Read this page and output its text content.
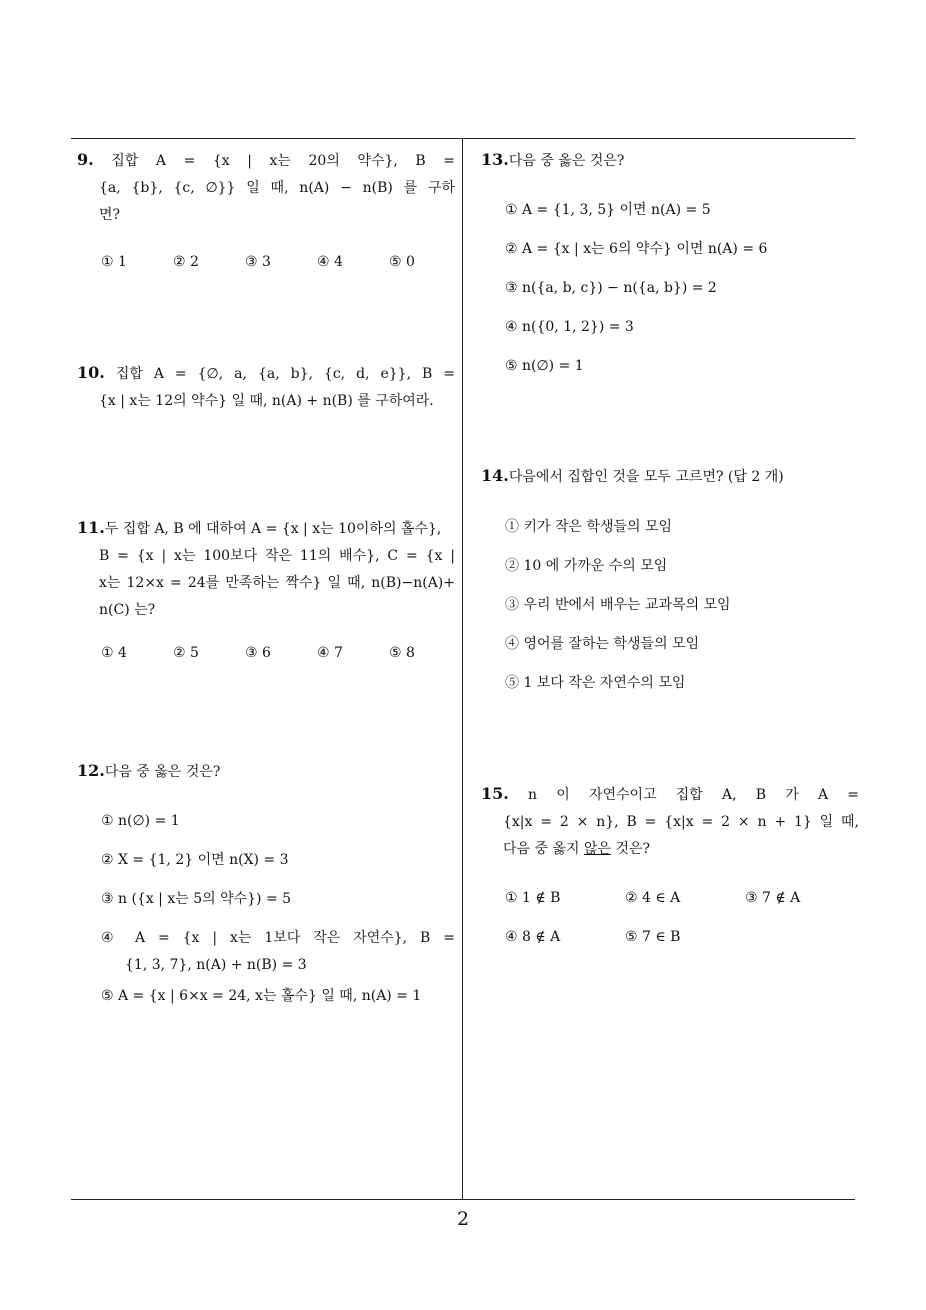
9. 집합 A = {x | x는 20의 약수}, B =
{a, {b}, {c, ∅}} 일 때, n(A) − n(B) 를 구하
면?
① 1	② 2	③ 3	④ 4	⑤ 0
10. 집합 A = {∅, a, {a, b}, {c, d, e}}, B =
{x | x는 12의 약수} 일 때, n(A) + n(B) 를 구하여라.
11.두 집합 A, B 에 대하여 A = {x | x는 10이하의 홀수},
B = {x | x는 100보다 작은 11의 배수}, C = {x |
x는 12×x = 24를 만족하는 짝수} 일 때, n(B)−n(A)+
n(C) 는?
① 4	② 5	③ 6	④ 7	⑤ 8
12.다음 중 옳은 것은?
① n(∅) = 1
② X = {1, 2} 이면 n(X) = 3
③ n ({x | x는 5의 약수}) = 5
④ A = {x | x는 1보다 작은 자연수}, B =
{1, 3, 7}, n(A) + n(B) = 3
⑤ A = {x | 6×x = 24, x는 홀수} 일 때, n(A) = 1
13.다음 중 옳은 것은?
① A = {1, 3, 5} 이면 n(A) = 5
② A = {x | x는 6의 약수} 이면 n(A) = 6
③ n({a, b, c}) − n({a, b}) = 2
④ n({0, 1, 2}) = 3
⑤ n(∅) = 1
14.다음에서 집합인 것을 모두 고르면? (답 2 개)
① 키가 작은 학생들의 모임
② 10 에 가까운 수의 모임
③ 우리 반에서 배우는 교과목의 모임
④ 영어를 잘하는 학생들의 모임
⑤ 1 보다 작은 자연수의 모임
15. n 이 자연수이고 집합 A, B 가 A =
{x|x = 2 × n}, B = {x|x = 2 × n + 1} 일 때,
다음 중 옳지 않은 것은?
① 1 ∉ B	② 4 ∈ A	③ 7 ∉ A
④ 8 ∉ A	⑤ 7 ∈ B
2
